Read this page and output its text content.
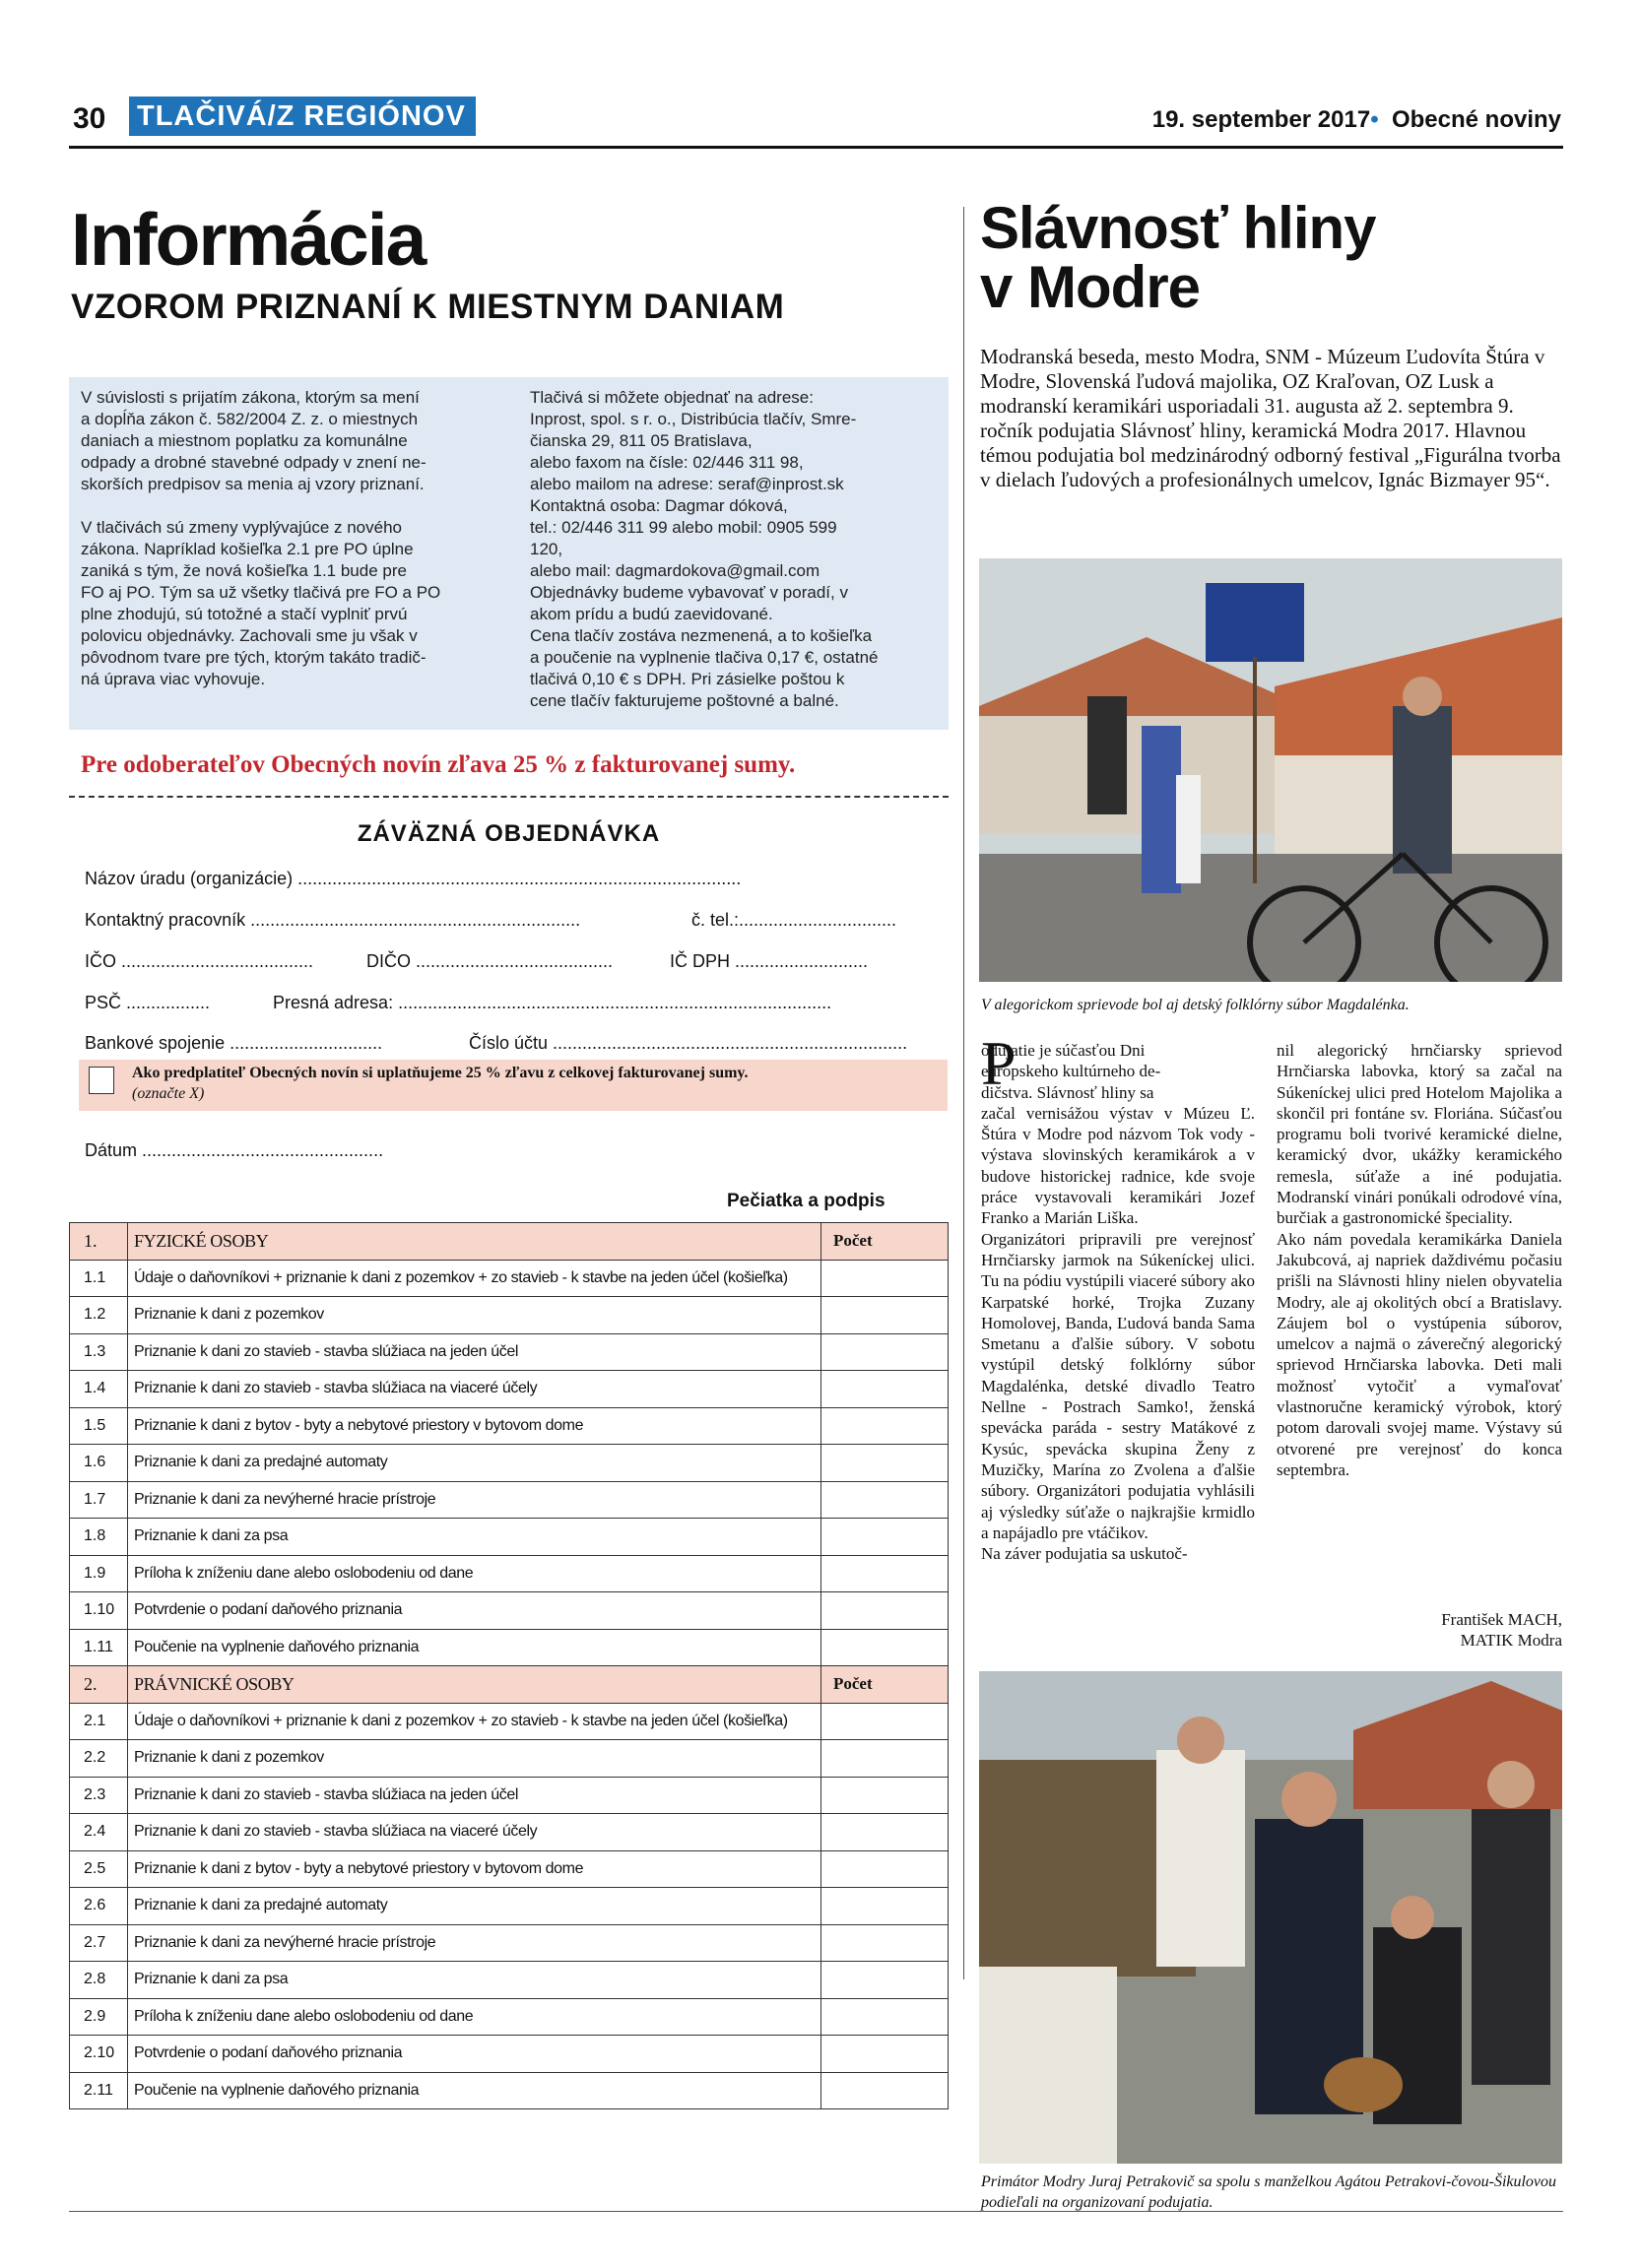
30 TLAČIVÁ/Z REGIÓNOV	19. september 2017• Obecné noviny
Informácia
VZOROM PRIZNANÍ K MIESTNYM DANIAM
V súvislosti s prijatím zákona, ktorým sa mení
a dopĺňa zákon č. 582/2004 Z. z. o miestnych
daniach a miestnom poplatku za komunálne
odpady a drobné stavebné odpady v znení ne-
skorších predpisov sa menia aj vzory priznaní.

V tlačivách sú zmeny vyplývajúce z nového
zákona. Napríklad košieľka 2.1 pre PO úplne
zaniká s tým, že nová košieľka 1.1 bude pre
FO aj PO. Tým sa už všetky tlačivá pre FO a PO
plne zhodujú, sú totožné a stačí vyplniť prvú
polovicu objednávky. Zachovali sme ju však v
pôvodnom tvare pre tých, ktorým takáto tradič-
ná úprava viac vyhovuje.
Tlačivá si môžete objednať na adrese:
Inprost, spol. s r. o., Distribúcia tlačív, Smre-
čianska 29, 811 05 Bratislava,
alebo faxom na čísle: 02/446 311 98,
alebo mailom na adrese: seraf@inprost.sk
Kontaktná osoba: Dagmar dóková,
tel.: 02/446 311 99 alebo mobil: 0905 599
120,
alebo mail: dagmardokova@gmail.com
Objednávky budeme vybavovať v poradí, v
akom prídu a budú zaevidované.
Cena tlačív zostáva nezmenená, a to košieľka
a poučenie na vyplnenie tlačiva 0,17 €, ostatné
tlačivá 0,10 € s DPH. Pri zásielke poštou k
cene tlačív fakturujeme poštovné a balné.
Pre odoberateľov Obecných novín zľava 25 % z fakturovanej sumy.
ZÁVÄZNÁ OBJEDNÁVKA
Názov úradu (organizácie) ..........................................................................................
Kontaktný pracovník ...................................................................	č. tel.:................................
IČO .......................................	DIČO ........................................	IČ DPH ...........................
PSČ .................	Presná adresa: ........................................................................................
Bankové spojenie ...............................	Číslo účtu ........................................................................
Ako predplatiteľ Obecných novín si uplatňujeme 25 % zľavu z celkovej fakturovanej sumy.
(označte X)
Dátum .................................................
Pečiatka a podpis
1.	FYZICKÉ OSOBY	Počet
1.1	Údaje o daňovníkovi + priznanie k dani z pozemkov + zo stavieb - k stavbe na jeden účel (košieľka)	
1.2	Priznanie k dani z pozemkov	
1.3	Priznanie k dani zo stavieb - stavba slúžiaca na jeden účel	
1.4	Priznanie k dani zo stavieb - stavba slúžiaca na viaceré účely	
1.5	Priznanie k dani z bytov - byty a nebytové priestory v bytovom dome	
1.6	Priznanie k dani za predajné automaty	
1.7	Priznanie k dani za nevýherné hracie prístroje	
1.8	Priznanie k dani za psa	
1.9	Príloha k zníženiu dane alebo oslobodeniu od dane	
1.10	Potvrdenie o podaní daňového priznania	
1.11	Poučenie na vyplnenie daňového priznania	
2.	PRÁVNICKÉ OSOBY	Počet
2.1	Údaje o daňovníkovi + priznanie k dani z pozemkov + zo stavieb - k stavbe na jeden účel (košieľka)	
2.2	Priznanie k dani z pozemkov	
2.3	Priznanie k dani zo stavieb - stavba slúžiaca na jeden účel	
2.4	Priznanie k dani zo stavieb - stavba slúžiaca na viaceré účely	
2.5	Priznanie k dani z bytov - byty a nebytové priestory v bytovom dome	
2.6	Priznanie k dani za predajné automaty	
2.7	Priznanie k dani za nevýherné hracie prístroje	
2.8	Priznanie k dani za psa	
2.9	Príloha k zníženiu dane alebo oslobodeniu od dane	
2.10	Potvrdenie o podaní daňového priznania	
2.11	Poučenie na vyplnenie daňového priznania	
Slávnosť hliny
v Modre
Modranská beseda, mesto Modra, SNM - Múzeum Ľudovíta Štúra v Modre, Slovenská ľudová majolika, OZ Kraľovan, OZ Lusk a modranskí keramikári usporiadali 31. augusta až 2. septembra 9. ročník podujatia Slávnosť hliny, keramická Modra 2017. Hlavnou témou podujatia bol medzinárodný odborný festival „Figurálna tvorba v dielach ľudových a profesionálnych umelcov, Ignác Bizmayer 95“.
V alegorickom sprievode bol aj detský folklórny súbor Magdalénka.
P
odujatie je súčasťou Dni
európskeho kultúrneho de-
dičstva. Slávnosť hliny sa
začal vernisážou výstav v Múzeu Ľ. Štúra v Modre pod názvom Tok vody - výstava slovinských keramikárok a v budove historickej radnice, kde svoje práce vystavovali keramikári Jozef Franko a Marián Liška.
Organizátori pripravili pre verejnosť Hrnčiarsky jarmok na Súkeníckej ulici. Tu na pódiu vystúpili viaceré súbory ako Karpatské horké, Trojka Zuzany Homolovej, Banda, Ľudová banda Sama Smetanu a ďalšie súbory. V sobotu vystúpil detský folklórny súbor Magdalénka, detské divadlo Teatro Nellne - Postrach Samko!, ženská spevácka paráda - sestry Matákové z Kysúc, spevácka skupina Ženy z Muzičky, Marína zo Zvolena a ďalšie súbory. Organizátori podujatia vyhlásili aj výsledky súťaže o najkrajšie krmidlo a napájadlo pre vtáčikov.
Na záver podujatia sa uskutoč-
nil alegorický hrnčiarsky sprievod Hrnčiarska labovka, ktorý sa začal na Súkeníckej ulici pred Hotelom Majolika a skončil pri fontáne sv. Floriána. Súčasťou programu boli tvorivé keramické dielne, keramický dvor, ukážky keramického remesla, súťaže a iné podujatia. Modranskí vinári ponúkali odrodové vína, burčiak a gastronomické špeciality.
Ako nám povedala keramikárka Daniela Jakubcová, aj napriek daždivému počasiu prišli na Slávnosti hliny nielen obyvatelia Modry, ale aj okolitých obcí a Bratislavy. Záujem bol o vystúpenia súborov, umelcov a najmä o záverečný alegorický sprievod Hrnčiarska labovka. Deti mali možnosť vytočiť a vymaľovať vlastnoručne keramický výrobok, ktorý potom darovali svojej mame. Výstavy sú otvorené pre verejnosť do konca septembra.
František MACH,
MATIK Modra
Primátor Modry Juraj Petrakovič sa spolu s manželkou Agátou Petrakovi-čovou-Šikulovou podieľali na organizovaní podujatia.
